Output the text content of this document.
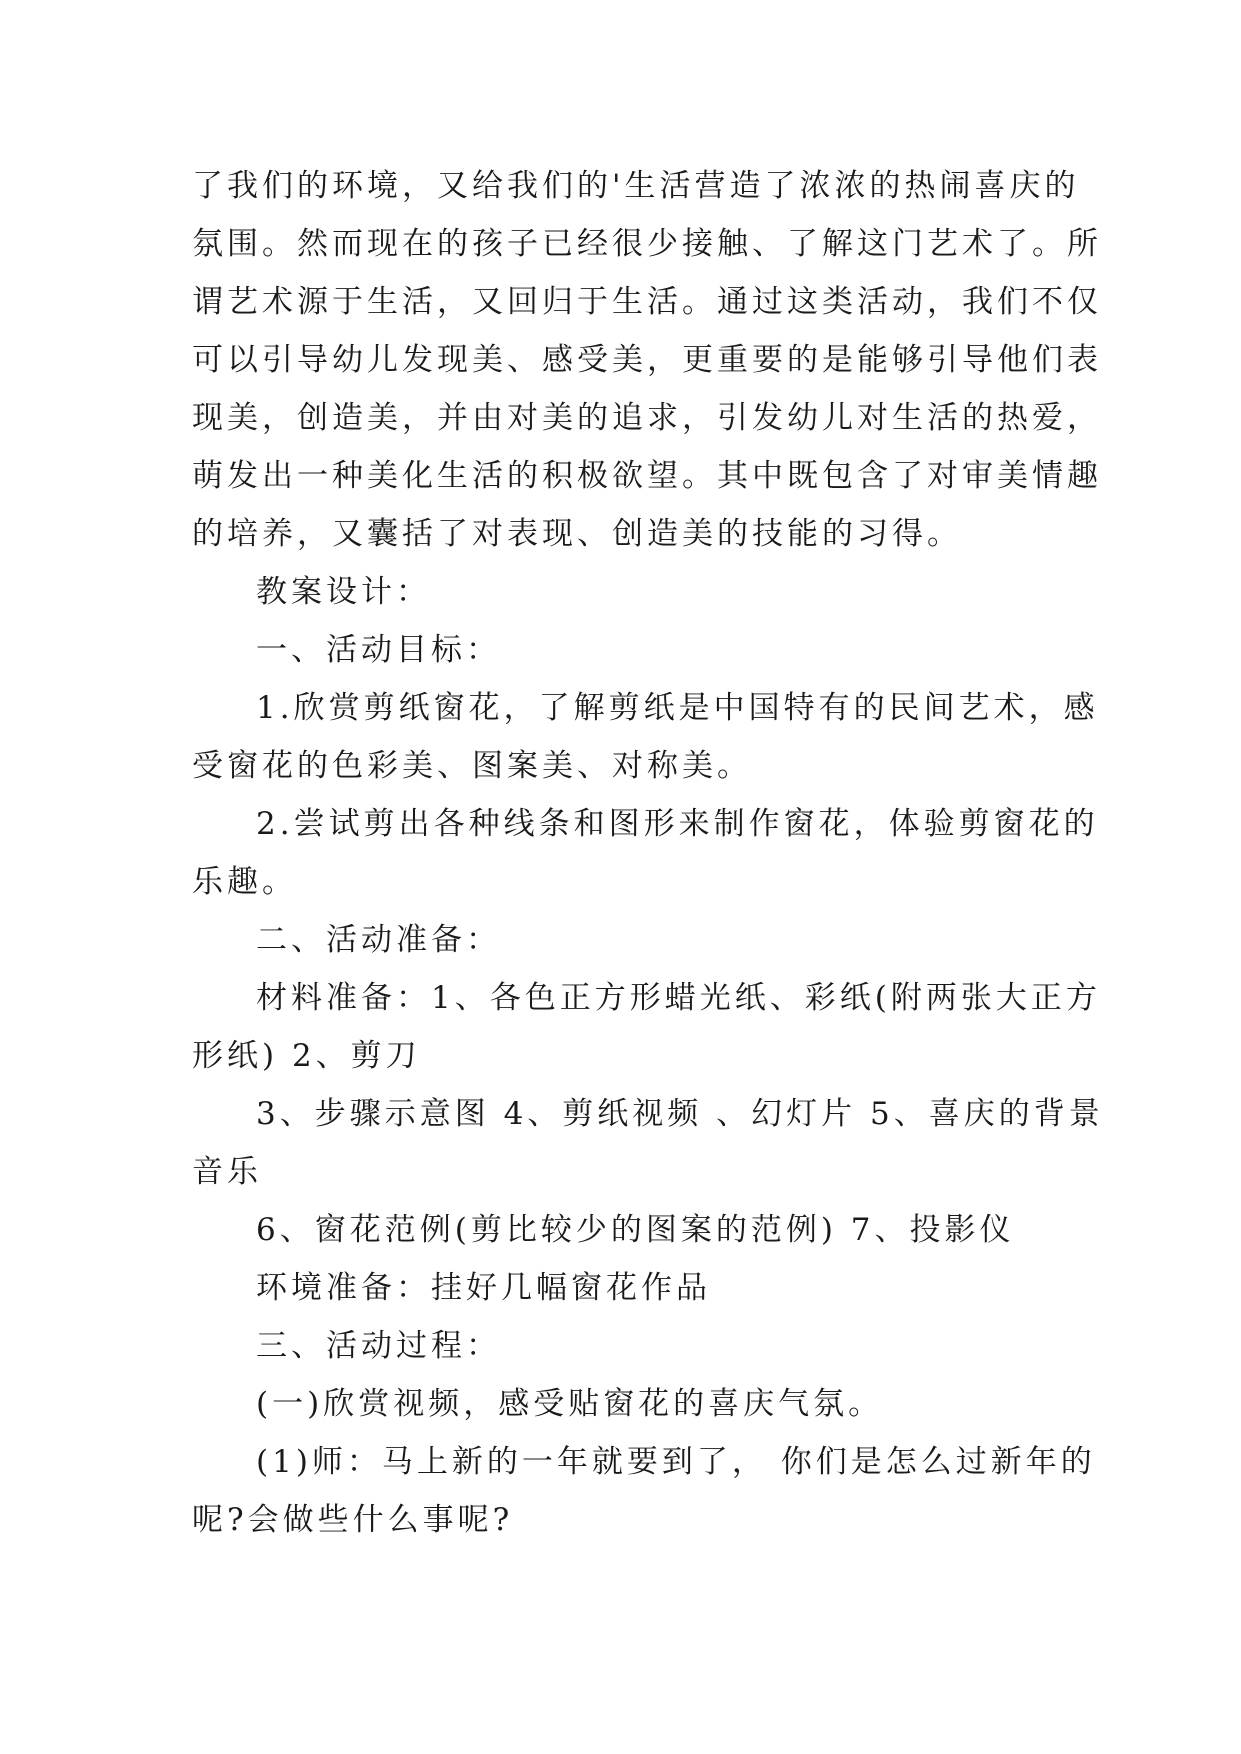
了我们的环境，又给我们的'生活营造了浓浓的热闹喜庆的
氛围。然而现在的孩子已经很少接触、了解这门艺术了。所
谓艺术源于生活，又回归于生活。通过这类活动，我们不仅
可以引导幼儿发现美、感受美，更重要的是能够引导他们表
现美，创造美，并由对美的追求，引发幼儿对生活的热爱，
萌发出一种美化生活的积极欲望。其中既包含了对审美情趣
的培养，又囊括了对表现、创造美的技能的习得。
教案设计：
一、活动目标：
1.欣赏剪纸窗花，了解剪纸是中国特有的民间艺术，感
受窗花的色彩美、图案美、对称美。
2.尝试剪出各种线条和图形来制作窗花，体验剪窗花的
乐趣。
二、活动准备：
材料准备：1、各色正方形蜡光纸、彩纸(附两张大正方
形纸) 2、剪刀
3、步骤示意图 4、剪纸视频 、幻灯片 5、喜庆的背景
音乐
6、窗花范例(剪比较少的图案的范例) 7、投影仪
环境准备：挂好几幅窗花作品
三、活动过程：
(一)欣赏视频，感受贴窗花的喜庆气氛。
(1)师：马上新的一年就要到了， 你们是怎么过新年的
呢?会做些什么事呢?
